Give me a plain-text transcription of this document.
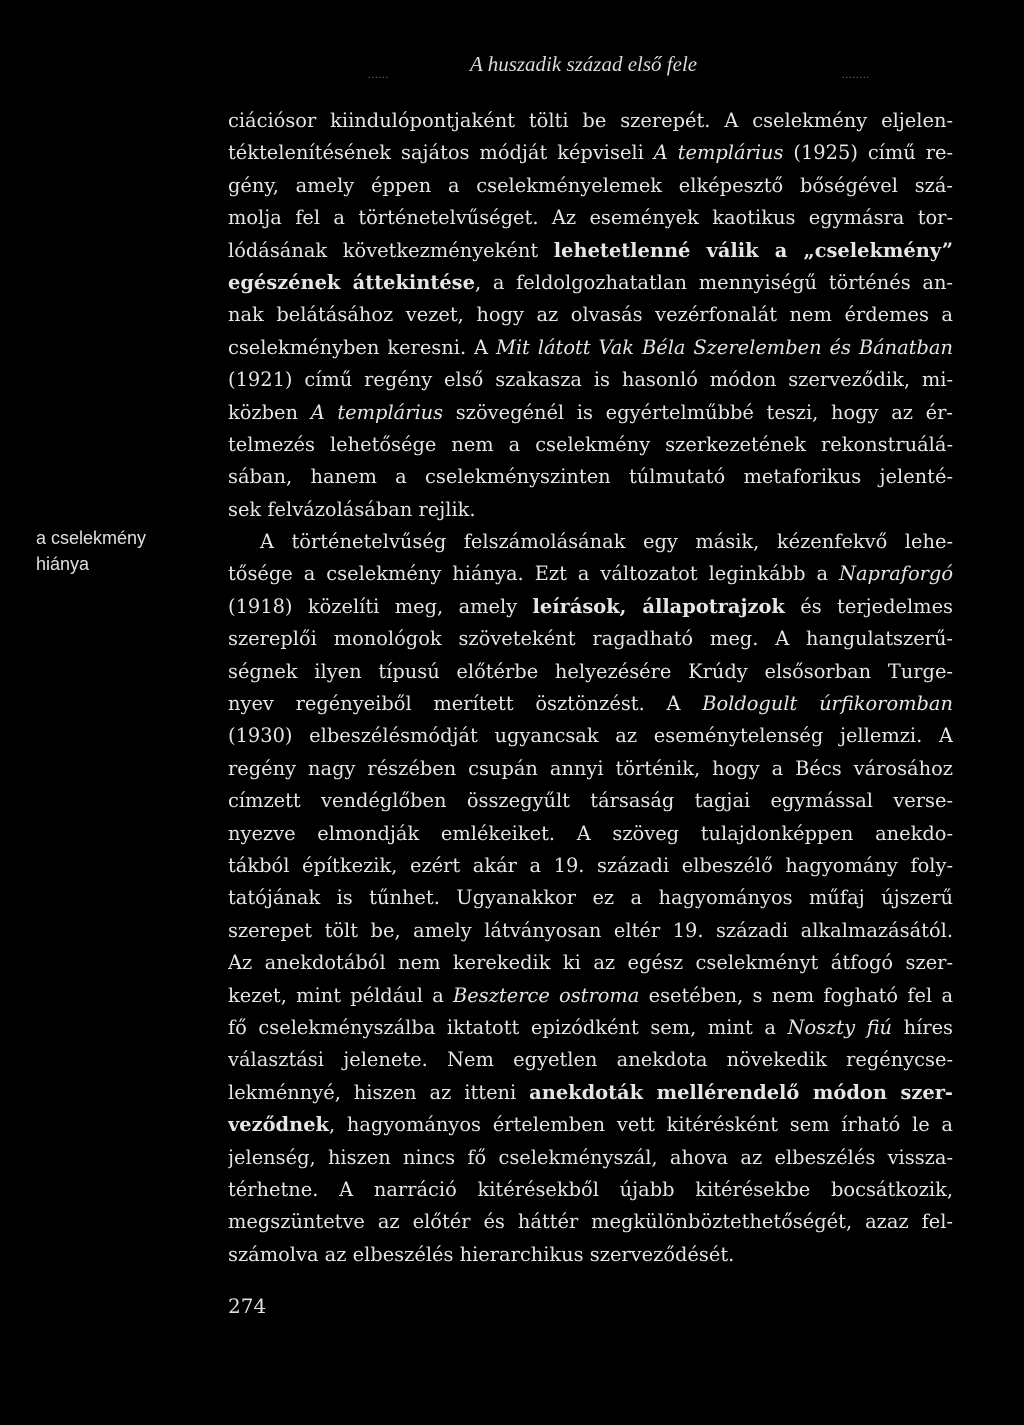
......	A huszadik század első fele	........
a cselekmény
hiánya
ciációsor kiindulópontjaként tölti be szerepét. A cselekmény eljelen-
téktelenítésének sajátos módját képviseli A templárius (1925) című re-
gény, amely éppen a cselekményelemek elképesztő bőségével szá-
molja fel a történetelvűséget. Az események kaotikus egymásra tor-
lódásának következményeként lehetetlenné válik a „cselekmény”
egészének áttekintése, a feldolgozhatatlan mennyiségű történés an-
nak belátásához vezet, hogy az olvasás vezérfonalát nem érdemes a
cselekményben keresni. A Mit látott Vak Béla Szerelemben és Bánatban
(1921) című regény első szakasza is hasonló módon szerveződik, mi-
közben A templárius szövegénél is egyértelműbbé teszi, hogy az ér-
telmezés lehetősége nem a cselekmény szerkezetének rekonstruálá-
sában, hanem a cselekményszinten túlmutató metaforikus jelenté-
sek felvázolásában rejlik.
A történetelvűség felszámolásának egy másik, kézenfekvő lehe-
tősége a cselekmény hiánya. Ezt a változatot leginkább a Napraforgó
(1918) közelíti meg, amely leírások, állapotrajzok és terjedelmes
szereplői monológok szöveteként ragadható meg. A hangulatszerű-
ségnek ilyen típusú előtérbe helyezésére Krúdy elsősorban Turge-
nyev regényeiből merített ösztönzést. A Boldogult úrfikoromban
(1930) elbeszélésmódját ugyancsak az eseménytelenség jellemzi. A
regény nagy részében csupán annyi történik, hogy a Bécs városához
címzett vendéglőben összegyűlt társaság tagjai egymással verse-
nyezve elmondják emlékeiket. A szöveg tulajdonképpen anekdo-
tákból építkezik, ezért akár a 19. századi elbeszélő hagyomány foly-
tatójának is tűnhet. Ugyanakkor ez a hagyományos műfaj újszerű
szerepet tölt be, amely látványosan eltér 19. századi alkalmazásától.
Az anekdotából nem kerekedik ki az egész cselekményt átfogó szer-
kezet, mint például a Beszterce ostroma esetében, s nem fogható fel a
fő cselekményszálba iktatott epizódként sem, mint a Noszty fiú híres
választási jelenete. Nem egyetlen anekdota növekedik regénycse-
lekménnyé, hiszen az itteni anekdoták mellérendelő módon szer-
veződnek, hagyományos értelemben vett kitérésként sem írható le a
jelenség, hiszen nincs fő cselekményszál, ahova az elbeszélés vissza-
térhetne. A narráció kitérésekből újabb kitérésekbe bocsátkozik,
megszüntetve az előtér és háttér megkülönböztethetőségét, azaz fel-
számolva az elbeszélés hierarchikus szerveződését.
274
